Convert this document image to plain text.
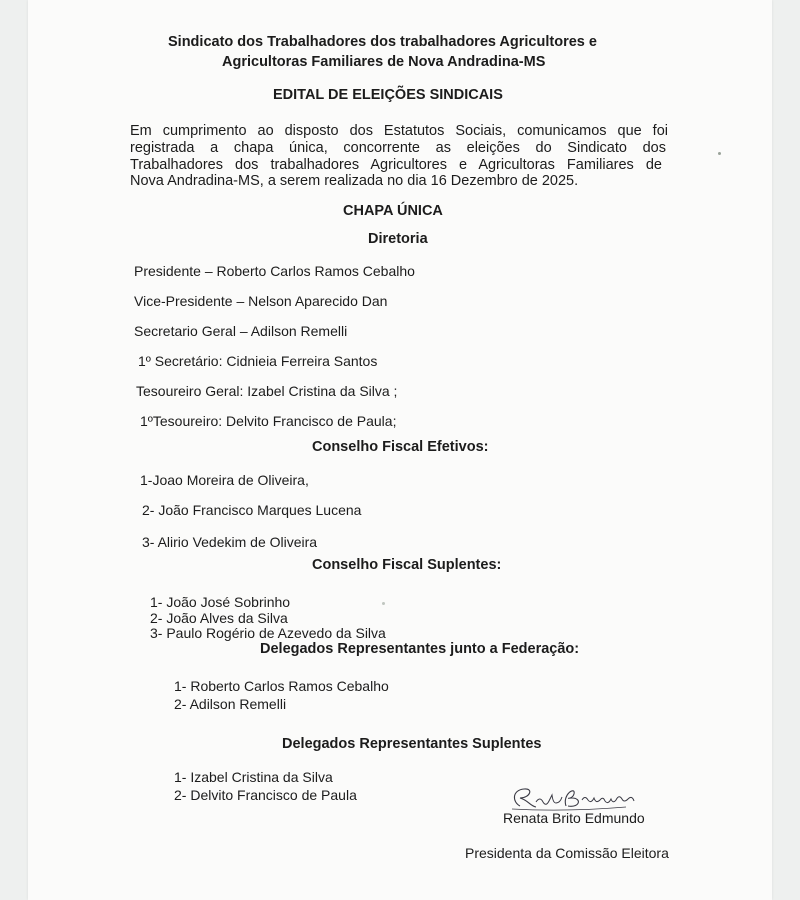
Sindicato dos Trabalhadores dos trabalhadores Agricultores e
Agricultoras Familiares de Nova Andradina-MS
EDITAL DE ELEIÇÕES SINDICAIS
Em cumprimento ao disposto dos Estatutos Sociais, comunicamos que foi
registrada a chapa única, concorrente as eleições do Sindicato dos
Trabalhadores dos trabalhadores Agricultores e Agricultoras Familiares de
Nova Andradina-MS, a serem realizada no dia 16 Dezembro de 2025.
CHAPA ÚNICA
Diretoria
Presidente – Roberto Carlos Ramos Cebalho
Vice-Presidente – Nelson Aparecido Dan
Secretario Geral – Adilson Remelli
1º Secretário: Cidnieia Ferreira Santos
Tesoureiro Geral: Izabel Cristina da Silva ;
1ºTesoureiro: Delvito Francisco de Paula;
Conselho Fiscal Efetivos:
1-Joao Moreira de Oliveira,
2- João Francisco Marques Lucena
3- Alirio Vedekim de Oliveira
Conselho Fiscal Suplentes:
1- João José Sobrinho
2- João Alves da Silva
3- Paulo Rogério de Azevedo da Silva
Delegados Representantes junto a Federação:
1- Roberto Carlos Ramos Cebalho
2- Adilson Remelli
Delegados Representantes Suplentes
1- Izabel Cristina da Silva
2- Delvito Francisco de Paula
Renata Brito Edmundo
Presidenta da Comissão Eleitora
